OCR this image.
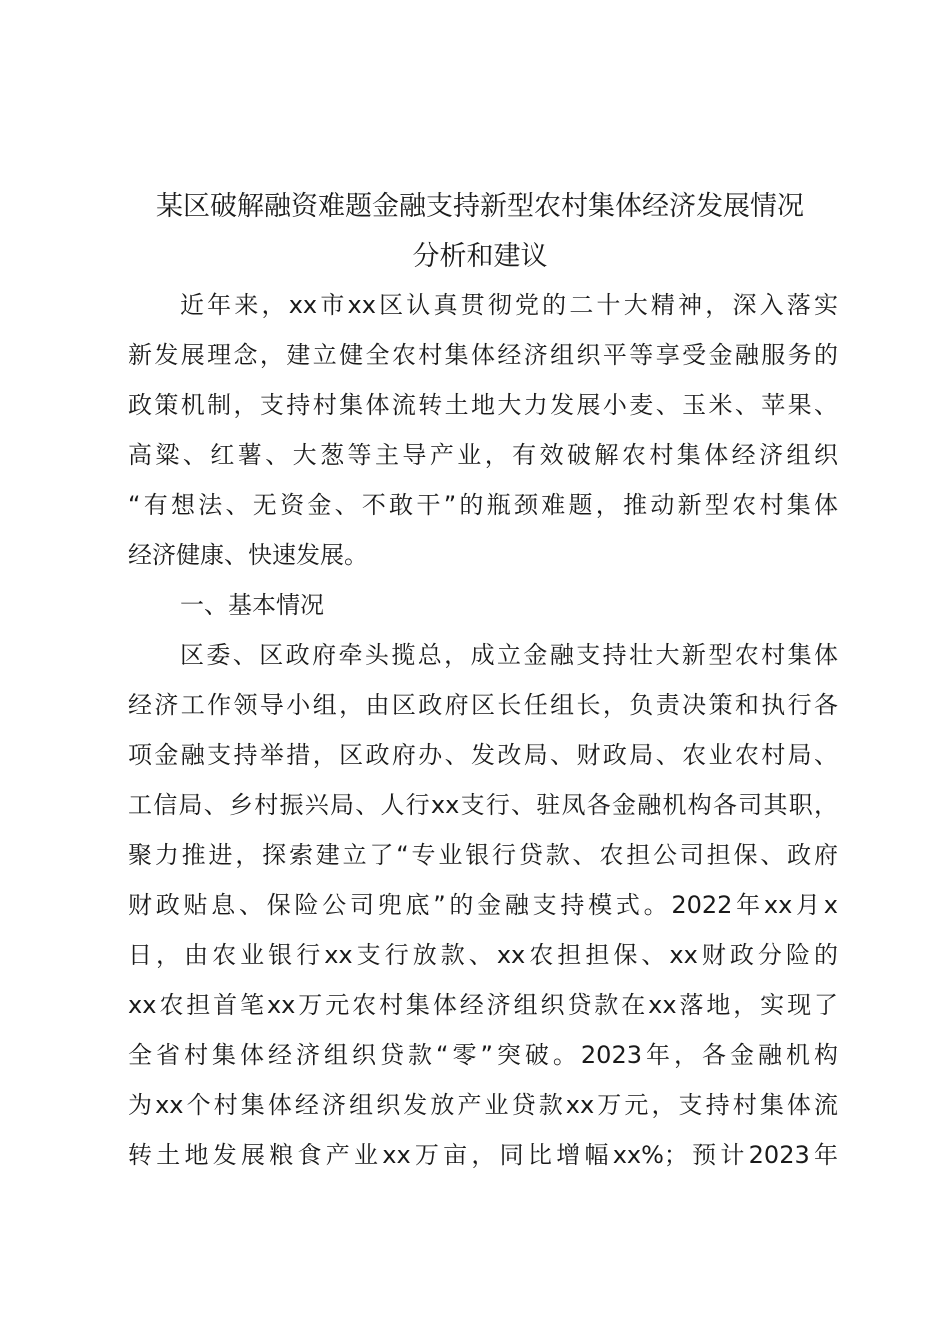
某区破解融资难题金融支持新型农村集体经济发展情况
分析和建议

近年来，xx市xx区认真贯彻党的二十大精神，深入落实

新发展理念，建立健全农村集体经济组织平等享受金融服务的

政策机制，支持村集体流转土地大力发展小麦、玉米、苹果、

高粱、红薯、大葱等主导产业，有效破解农村集体经济组织

“有想法、无资金、不敢干”的瓶颈难题，推动新型农村集体

经济健康、快速发展。

一、基本情况

区委、区政府牵头揽总，成立金融支持壮大新型农村集体

经济工作领导小组，由区政府区长任组长，负责决策和执行各

项金融支持举措，区政府办、发改局、财政局、农业农村局、

工信局、乡村振兴局、人行xx支行、驻凤各金融机构各司其职，

聚力推进，探索建立了“专业银行贷款、农担公司担保、政府

财政贴息、保险公司兜底”的金融支持模式。2022年xx月x

日，由农业银行xx支行放款、xx农担担保、xx财政分险的

xx农担首笔xx万元农村集体经济组织贷款在xx落地，实现了

全省村集体经济组织贷款“零”突破。2023年，各金融机构

为xx个村集体经济组织发放产业贷款xx万元，支持村集体流

转土地发展粮食产业xx万亩，同比增幅xx%；预计2023年
